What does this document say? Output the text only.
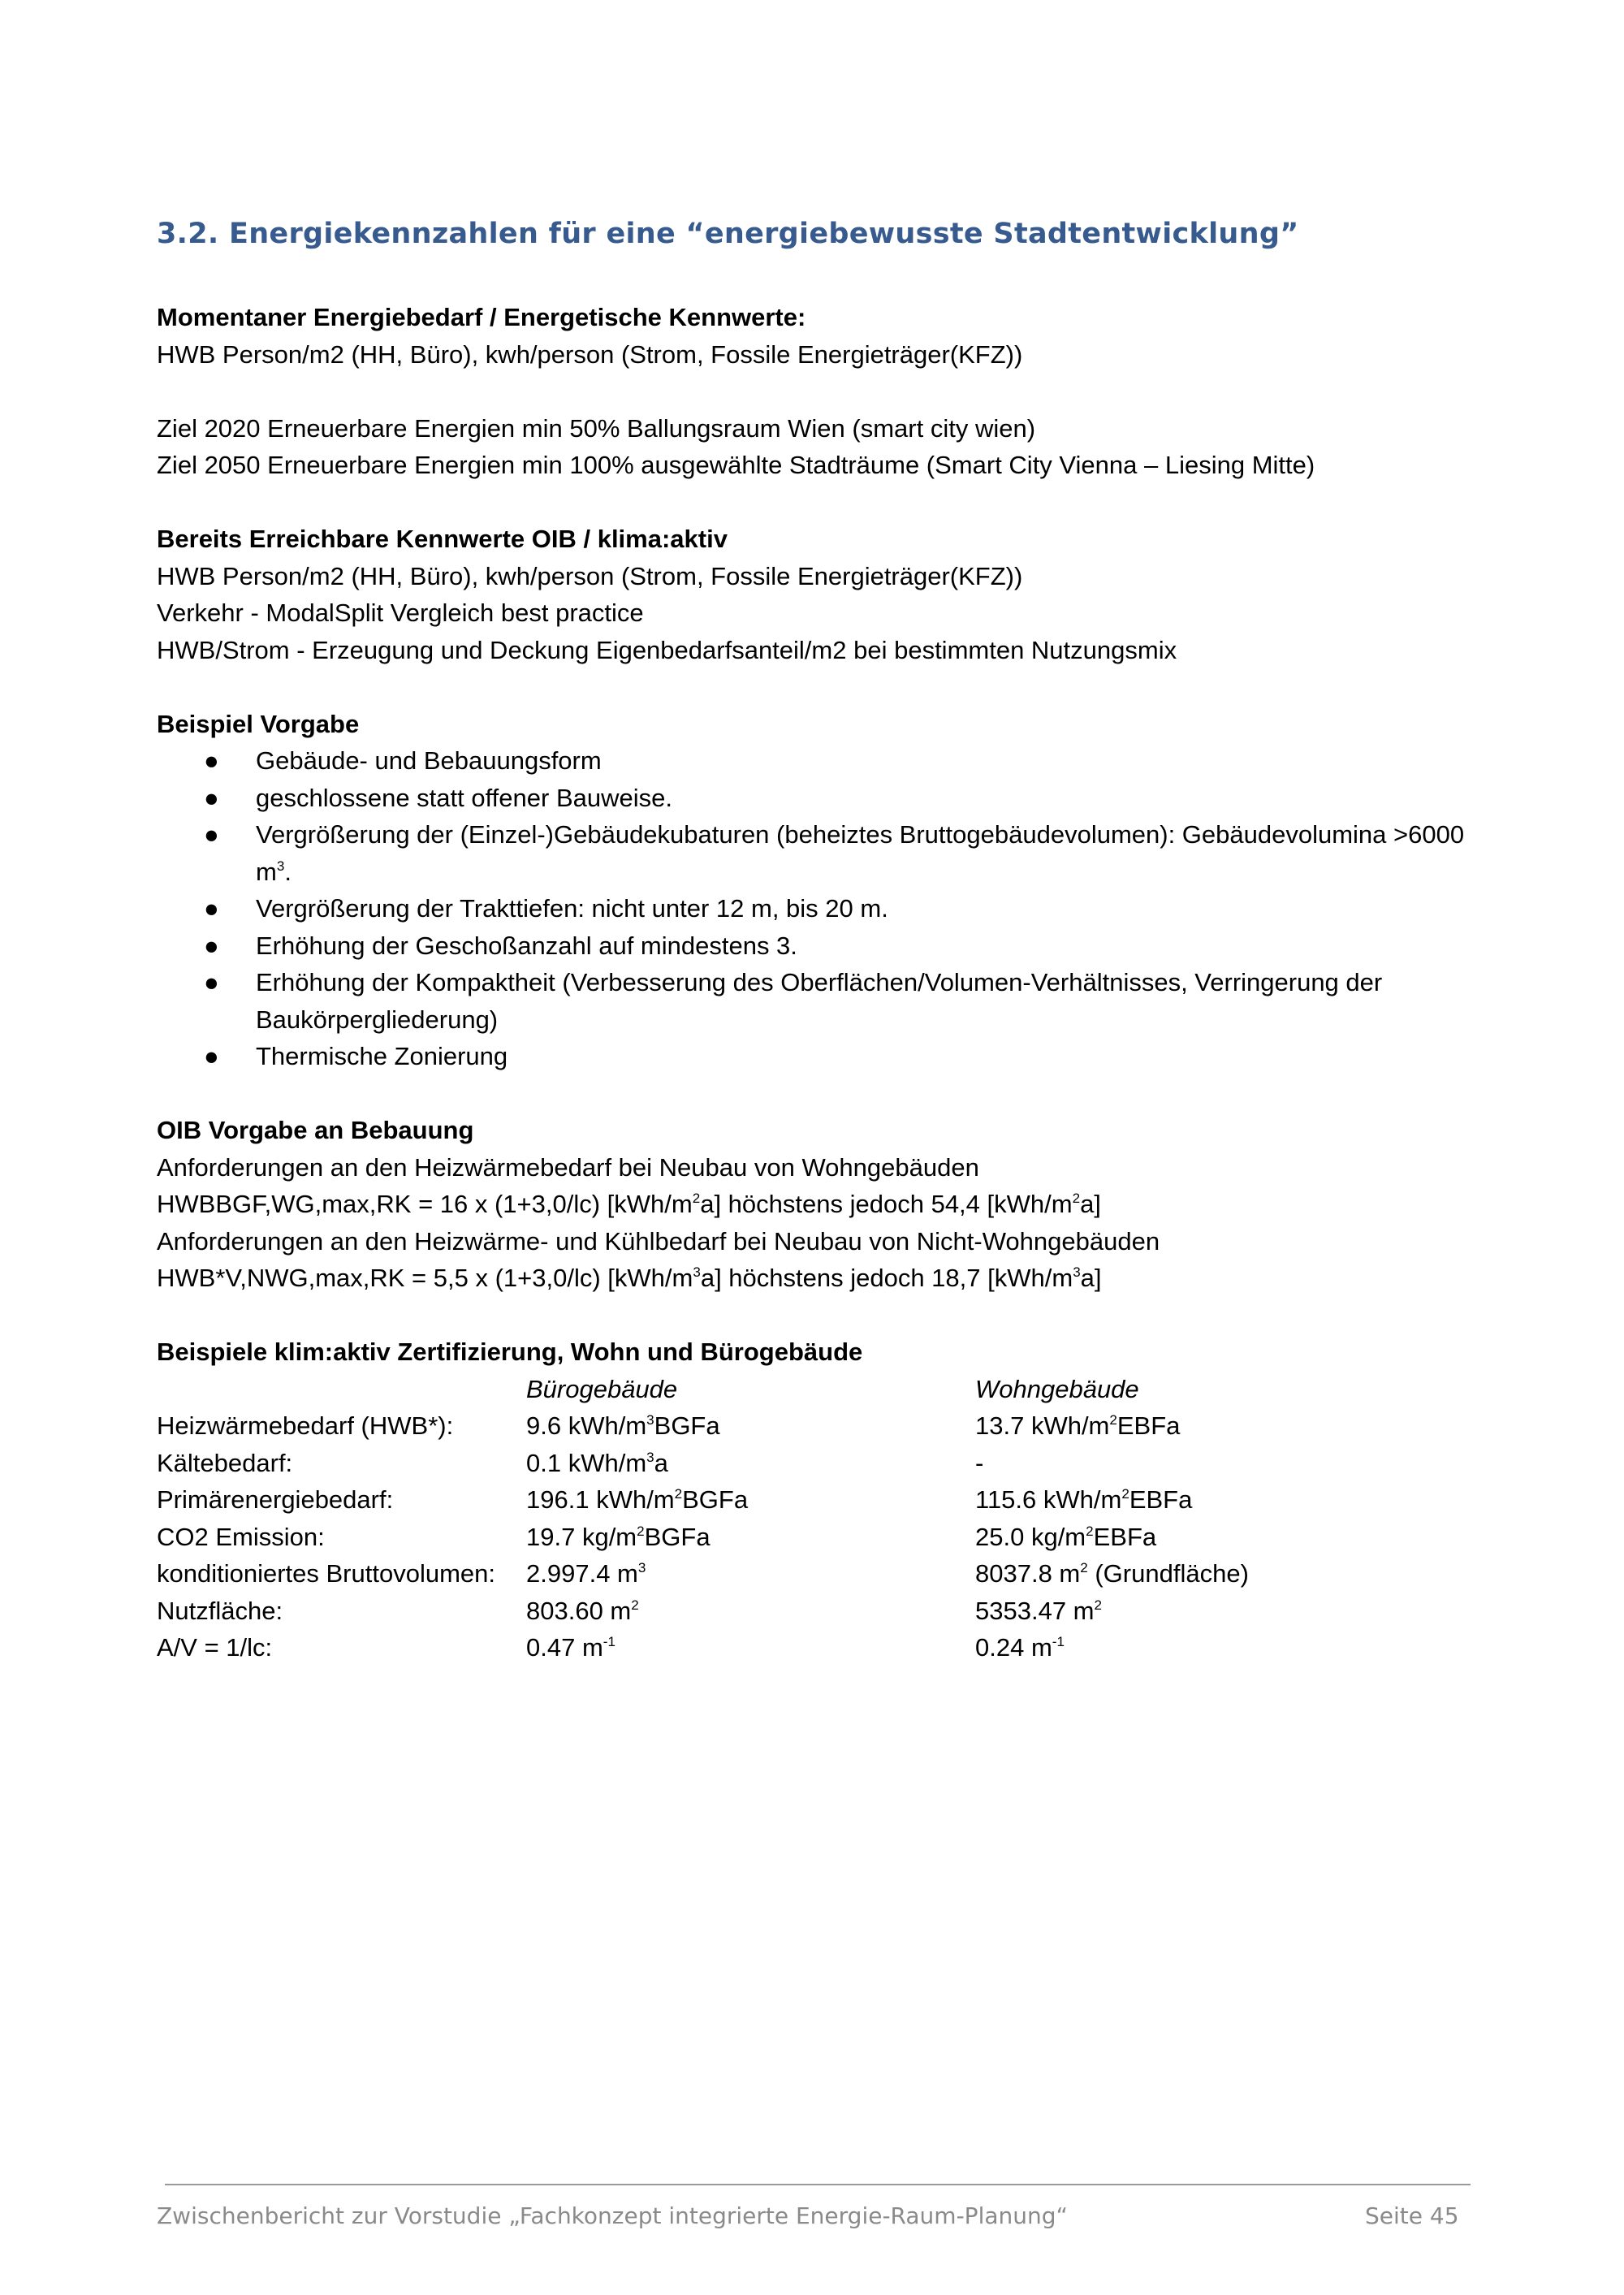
3.2. Energiekennzahlen für eine “energiebewusste Stadtentwicklung”

Momentaner Energiebedarf / Energetische Kennwerte:

HWB Person/m2 (HH, Büro), kwh/person (Strom, Fossile Energieträger(KFZ))

Ziel 2020 Erneuerbare Energien min 50% Ballungsraum Wien (smart city wien)

Ziel 2050 Erneuerbare Energien min 100% ausgewählte Stadträume (Smart City Vienna – Liesing Mitte)

Bereits Erreichbare Kennwerte OIB / klima:aktiv

HWB Person/m2 (HH, Büro), kwh/person (Strom, Fossile Energieträger(KFZ))

Verkehr - ModalSplit Vergleich best practice

HWB/Strom - Erzeugung und Deckung Eigenbedarfsanteil/m2 bei bestimmten Nutzungsmix

Beispiel Vorgabe

● Gebäude- und Bebauungsform
● geschlossene statt offener Bauweise.
● Vergrößerung der (Einzel-)Gebäudekubaturen (beheiztes Bruttogebäudevolumen): Gebäudevolumina >6000 $m^3$.
● Vergrößerung der Trakttiefen: nicht unter 12 m, bis 20 m.
● Erhöhung der Geschoßanzahl auf mindestens 3.
● Erhöhung der Kompaktheit (Verbesserung des Oberflächen/Volumen-Verhältnisses, Verringerung der Baukörpergliederung)
● Thermische Zonierung

OIB Vorgabe an Bebauung

Anforderungen an den Heizwärmebedarf bei Neubau von Wohngebäuden

HWBBGF,WG,max,RK = 16 x (1+3,0/lc) $[kWh/m^2a]$ höchstens jedoch 54,4 $[kWh/m^2a]$

Anforderungen an den Heizwärme- und Kühlbedarf bei Neubau von Nicht-Wohngebäuden

HWB*V,NWG,max,RK = 5,5 x (1+3,0/lc) $[kWh/m^3a]$ höchstens jedoch 18,7 $[kWh/m^3a]$

Beispiele klim:aktiv Zertifizierung, Wohn und Bürogebäude

	Bürogebäude	Wohngebäude
Heizwärmebedarf (HWB*):	9.6 kWh/$m^3BGFa$	13.7 kWh/$m^2EBFa$
Kältebedarf:	0.1 kWh/$m^3a$	-
Primärenergiebedarf:	196.1 kWh/$m^2BGFa$	115.6 kWh/$m^2EBFa$
CO2 Emission:	19.7 $kg/m^2BGFa$	25.0 $kg/m^2EBFa$
konditioniertes Bruttovolumen:	2.997.4 $m^3$	8037.8 $m^2$ (Grundfläche)
Nutzfläche:	803.60 $m^2$	5353.47 $m^2$
A/V = 1/lc:	0.47 $m^{-1}$	0.24 $m^{-1}$
Zwischenbericht zur Vorstudie „Fachkonzept integrierte Energie-Raum-Planung“	Seite 45
